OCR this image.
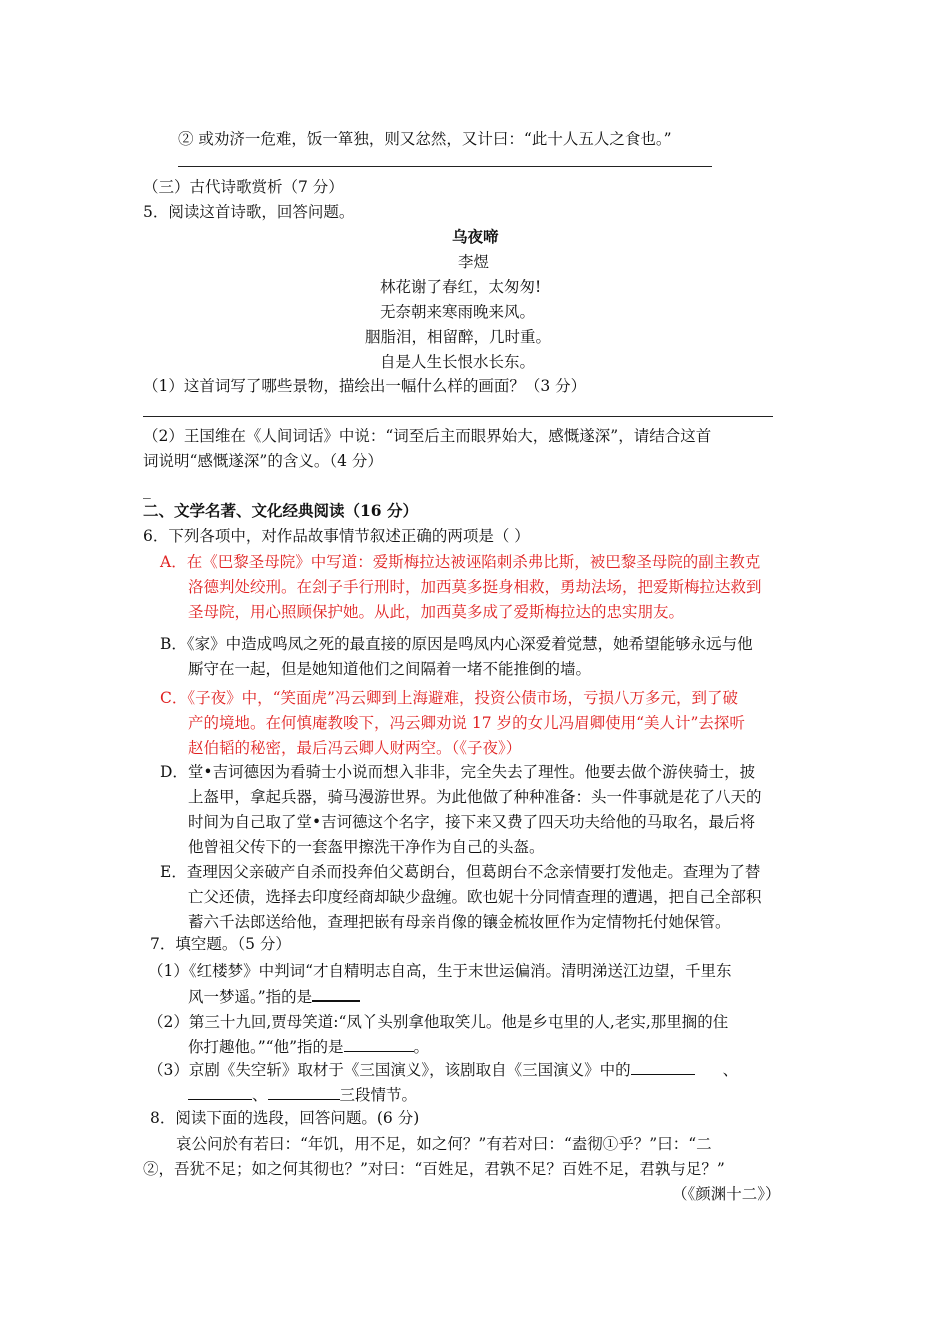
② 或劝济一危难，饭一箪独，则又忿然，又计曰：“此十人五人之食也。”
（三）古代诗歌赏析（7 分）
5．阅读这首诗歌，回答问题。
乌夜啼
李煜
林花谢了春红，太匆匆!
无奈朝来寒雨晚来风。
胭脂泪，相留醉，几时重。
自是人生长恨水长东。
（1）这首词写了哪些景物，描绘出一幅什么样的画面？（3 分）
（2）王国维在《人间词话》中说：“词至后主而眼界始大，感慨遂深”，请结合这首
词说明“感慨遂深”的含义。（4 分）
_
二、文学名著、文化经典阅读（16 分）
6．下列各项中，对作品故事情节叙述正确的两项是（ ）
A．在《巴黎圣母院》中写道：爱斯梅拉达被诬陷刺杀弗比斯，被巴黎圣母院的副主教克
洛德判处绞刑。在刽子手行刑时，加西莫多挺身相救，勇劫法场，把爱斯梅拉达救到
圣母院，用心照顾保护她。从此，加西莫多成了爱斯梅拉达的忠实朋友。
B．《家》中造成鸣凤之死的最直接的原因是鸣凤内心深爱着觉慧，她希望能够永远与他
厮守在一起，但是她知道他们之间隔着一堵不能推倒的墙。
C．《子夜》中，“笑面虎”冯云卿到上海避难，投资公债市场，亏损八万多元，到了破
产的境地。在何慎庵教唆下，冯云卿劝说 17 岁的女儿冯眉卿使用“美人计”去探听
赵伯韬的秘密，最后冯云卿人财两空。（《子夜》）
D．堂•吉诃德因为看骑士小说而想入非非，完全失去了理性。他要去做个游侠骑士，披
上盔甲，拿起兵器，骑马漫游世界。为此他做了种种准备：头一件事就是花了八天的
时间为自己取了堂•吉诃德这个名字，接下来又费了四天功夫给他的马取名，最后将
他曾祖父传下的一套盔甲擦洗干净作为自己的头盔。
E．查理因父亲破产自杀而投奔伯父葛朗台，但葛朗台不念亲情要打发他走。查理为了替
亡父还债，选择去印度经商却缺少盘缠。欧也妮十分同情查理的遭遇，把自己全部积
蓄六千法郎送给他，查理把嵌有母亲肖像的镶金梳妆匣作为定情物托付她保管。
7．填空题。（5 分）
（1）《红楼梦》中判词“才自精明志自高，生于末世运偏消。清明涕送江边望，千里东
风一梦遥。”指的是
（2）第三十九回,贾母笑道:“凤丫头别拿他取笑儿。他是乡屯里的人,老实,那里搁的住
你打趣他。”“他”指的是	。
（3）京剧《失空斩》取材于《三国演义》，该剧取自《三国演义》中的	、
、	三段情节。
8．阅读下面的选段，回答问题。(6 分)
哀公问於有若曰：“年饥，用不足，如之何？”有若对曰：“盍彻①乎？”曰：“二
②，吾犹不足；如之何其彻也？”对曰：“百姓足，君孰不足？百姓不足，君孰与足？”
（《颜渊十二》）
